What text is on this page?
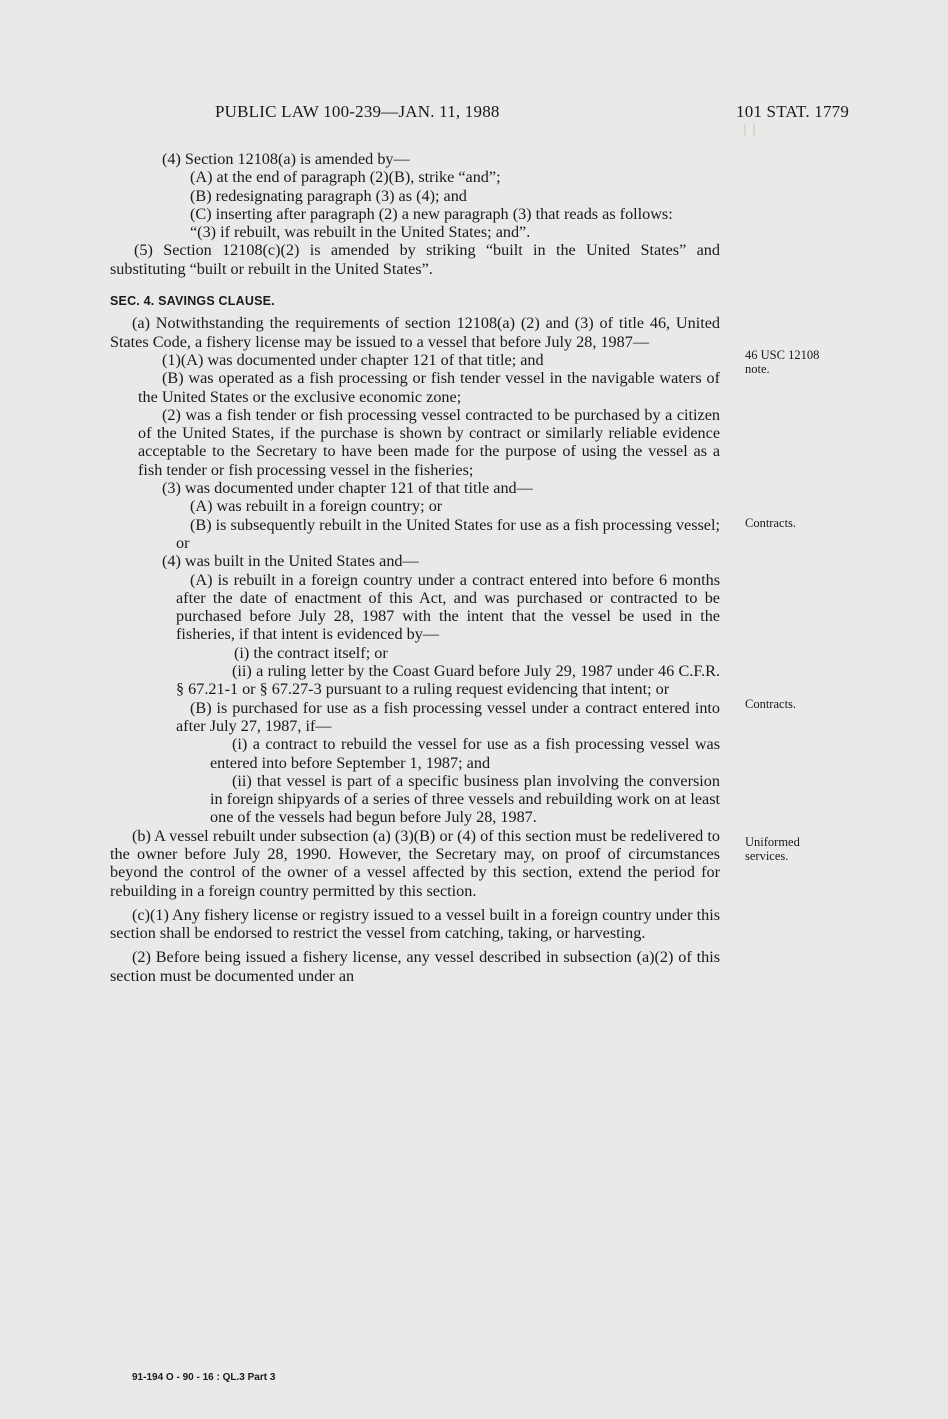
I I
PUBLIC LAW 100-239—JAN. 11, 1988	101 STAT. 1779

(4) Section 12108(a) is amended by—

(A) at the end of paragraph (2)(B), strike “and”;

(B) redesignating paragraph (3) as (4); and

(C) inserting after paragraph (2) a new paragraph (3) that reads as follows:

“(3) if rebuilt, was rebuilt in the United States; and”.

(5) Section 12108(c)(2) is amended by striking “built in the United States” and substituting “built or rebuilt in the United States”.

SEC. 4. SAVINGS CLAUSE.

(a) Notwithstanding the requirements of section 12108(a) (2) and (3) of title 46, United States Code, a fishery license may be issued to a vessel that before July 28, 1987—

(1)(A) was documented under chapter 121 of that title; and

(B) was operated as a fish processing or fish tender vessel in the navigable waters of the United States or the exclusive economic zone;

(2) was a fish tender or fish processing vessel contracted to be purchased by a citizen of the United States, if the purchase is shown by contract or similarly reliable evidence acceptable to the Secretary to have been made for the purpose of using the vessel as a fish tender or fish processing vessel in the fisheries;

(3) was documented under chapter 121 of that title and—

(A) was rebuilt in a foreign country; or

(B) is subsequently rebuilt in the United States for use as a fish processing vessel; or

(4) was built in the United States and—

(A) is rebuilt in a foreign country under a contract entered into before 6 months after the date of enactment of this Act, and was purchased or contracted to be purchased before July 28, 1987 with the intent that the vessel be used in the fisheries, if that intent is evidenced by—

(i) the contract itself; or

(ii) a ruling letter by the Coast Guard before July 29, 1987 under 46 C.F.R. § 67.21-1 or § 67.27-3 pursuant to a ruling request evidencing that intent; or

(B) is purchased for use as a fish processing vessel under a contract entered into after July 27, 1987, if—

(i) a contract to rebuild the vessel for use as a fish processing vessel was entered into before September 1, 1987; and

(ii) that vessel is part of a specific business plan involving the conversion in foreign shipyards of a series of three vessels and rebuilding work on at least one of the vessels had begun before July 28, 1987.

(b) A vessel rebuilt under subsection (a) (3)(B) or (4) of this section must be redelivered to the owner before July 28, 1990. However, the Secretary may, on proof of circumstances beyond the control of the owner of a vessel affected by this section, extend the period for rebuilding in a foreign country permitted by this section.

(c)(1) Any fishery license or registry issued to a vessel built in a foreign country under this section shall be endorsed to restrict the vessel from catching, taking, or harvesting.

(2) Before being issued a fishery license, any vessel described in subsection (a)(2) of this section must be documented under an

46 USC 12108 note.
Contracts.
Contracts.
Uniformed services.
91-194 O - 90 - 16 : QL.3 Part 3
